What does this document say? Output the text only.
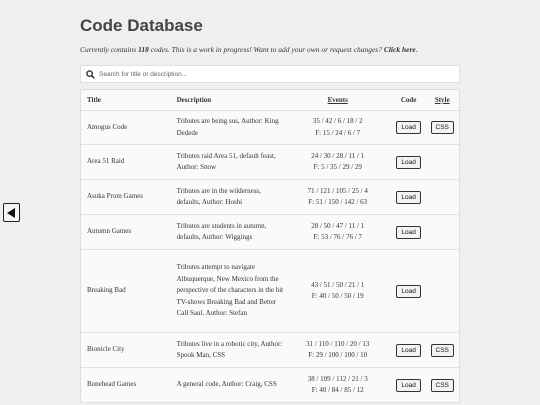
Code Database
Currently contains 118 codes. This is a work in progress! Want to add your own or request changes? Click here.
Search for title or description...
Title	Description	Events	Code	Style
Amogus Code	Tributes are being sus, Author: King Dedede	35 / 42 / 6 / 18 / 2
F: 15 / 24 / 6 / 7	Load	CSS
Area 51 Raid	Tributes raid Area 51, default feast, Author: Snow	24 / 30 / 28 / 11 / 1
F: 5 / 35 / 29 / 29	Load	
Asuka Prom Games	Tributes are in the wilderness, defaults, Author: Hoshi	71 / 121 / 105 / 25 / 4
F: 51 / 150 / 142 / 63	Load	
Autumn Games	Tributes are students in autumn, defaults, Author: Wiggings	28 / 50 / 47 / 11 / 1
F: 53 / 76 / 76 / 7	Load	
Breaking Bad	Tributes attempt to navigate Albuquerque, New Mexico from the perspective of the characters in the hit TV-shows Breaking Bad and Better Call Saul. Author: Stefan	43 / 51 / 50 / 21 / 1
F: 40 / 50 / 50 / 19	Load	
Bionicle City	Tributes live in a robotic city, Author: Spook Man, CSS	31 / 110 / 110 / 20 / 13
F: 29 / 100 / 100 / 10	Load	CSS
Bonehead Games	A general code, Author: Craig, CSS	38 / 109 / 112 / 21 / 3
F: 40 / 84 / 85 / 12	Load	CSS
